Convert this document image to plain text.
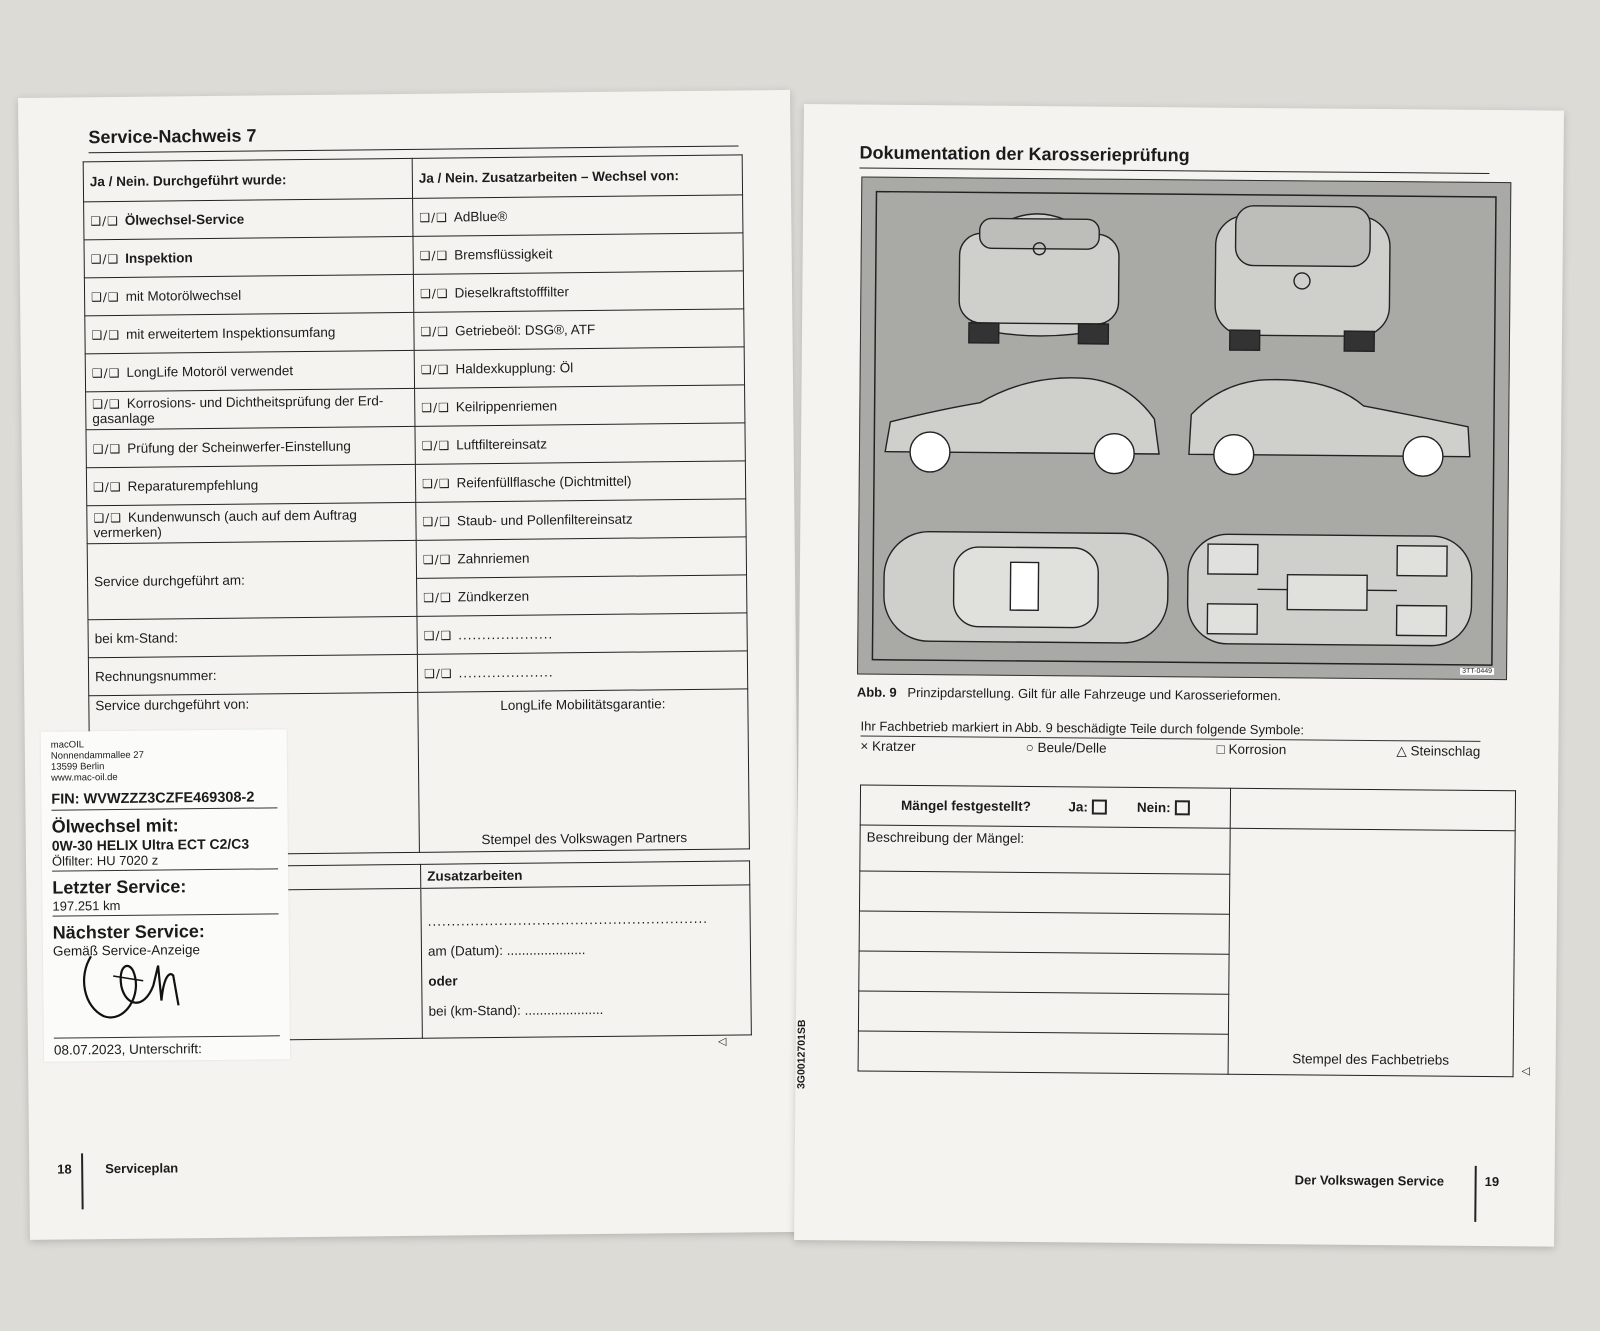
Service-Nachweis 7
Ja / Nein. Durchgeführt wurde:	Ja / Nein. Zusatzarbeiten – Wechsel von:
❑/❑ Ölwechsel-Service	❑/❑ AdBlue®
❑/❑ Inspektion	❑/❑ Bremsflüssigkeit
❑/❑ mit Motorölwechsel	❑/❑ Dieselkraftstofffilter
❑/❑ mit erweitertem Inspektionsumfang	❑/❑ Getriebeöl: DSG®, ATF
❑/❑ LongLife Motoröl verwendet	❑/❑ Haldexkupplung: Öl
❑/❑ Korrosions- und Dichtheitsprüfung der Erd-gasanlage	❑/❑ Keilrippenriemen
❑/❑ Prüfung der Scheinwerfer-Einstellung	❑/❑ Luftfiltereinsatz
❑/❑ Reparaturempfehlung	❑/❑ Reifenfüllflasche (Dichtmittel)
❑/❑ Kundenwunsch (auch auf dem Auftrag vermerken)	❑/❑ Staub- und Pollenfiltereinsatz
Service durchgeführt am:	❑/❑ Zahnriemen
	❑/❑ Zündkerzen
bei km-Stand:	❑/❑ ....................
Rechnungsnummer:	❑/❑ ....................
Service durchgeführt von:	LongLife Mobilitätsgarantie:
Stempel des Volkswagen Partners
	Zusatzarbeiten

	...........................................................
am (Datum): .....................
oder
bei (km-Stand): .....................
◁
macOIL
Nonnendammallee 27
13599 Berlin
www.mac-oil.de
FIN: WVWZZZ3CZFE469308-2
Ölwechsel mit:
0W-30 HELIX Ultra ECT C2/C3
Ölfilter: HU 7020 z
Letzter Service:
197.251 km
Nächster Service:
Gemäß Service-Anzeige
08.07.2023, Unterschrift:
18	Serviceplan
Dokumentation der Karosserieprüfung
3TT-0449
Abb. 9 Prinzipdarstellung. Gilt für alle Fahrzeuge und Karosserieformen.
Ihr Fachbetrieb markiert in Abb. 9 beschädigte Teile durch folgende Symbole:
× Kratzer	○ Beule/Delle	□ Korrosion	△ Steinschlag
Mängel festgestellt? Ja: Nein:	
Beschreibung der Mängel:	Stempel des Fachbetriebs

◁
3G0012701SB
Der Volkswagen Service	19
